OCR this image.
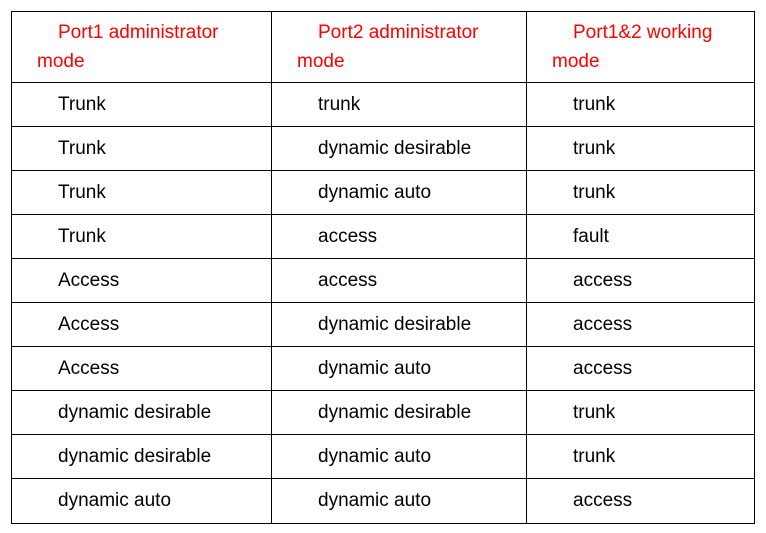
Port1 administrator mode	Port2 administrator mode	Port1&2 working mode
Trunk	trunk	trunk
Trunk	dynamic desirable	trunk
Trunk	dynamic auto	trunk
Trunk	access	fault
Access	access	access
Access	dynamic desirable	access
Access	dynamic auto	access
dynamic desirable	dynamic desirable	trunk
dynamic desirable	dynamic auto	trunk
dynamic auto	dynamic auto	access
